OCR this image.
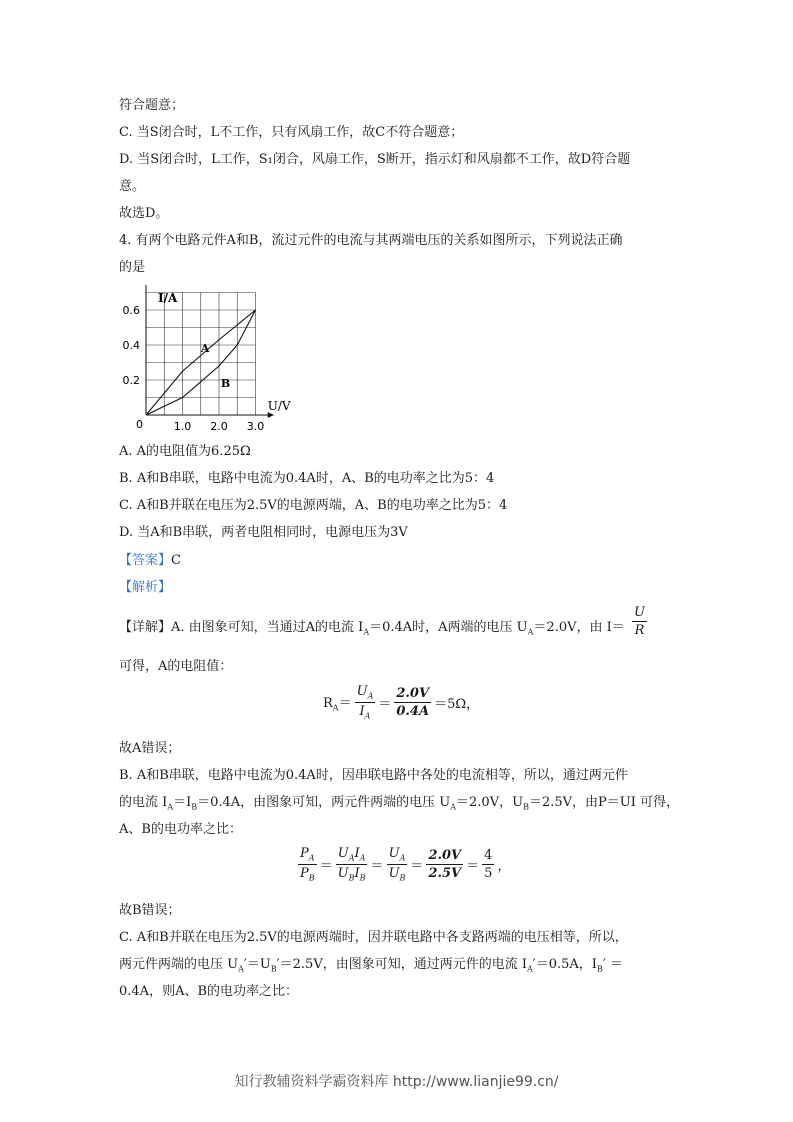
符合题意；
C. 当S闭合时，L不工作，只有风扇工作，故C不符合题意；
D. 当S闭合时，L工作，S₁闭合，风扇工作，S断开，指示灯和风扇都不工作，故D符合题
意。
故选D。
4. 有两个电路元件A和B，流过元件的电流与其两端电压的关系如图所示，下列说法正确
的是
A
B
1.0 2.0 3.0
0.2
0.4
0.6
0
I/A
U/V
A. A的电阻值为6.25Ω
B. A和B串联，电路中电流为0.4A时，A、B的电功率之比为5：4
C. A和B并联在电压为2.5V的电源两端，A、B的电功率之比为5：4
D. 当A和B串联，两者电阻相同时，电源电压为3V
【答案】C
【解析】
【详解】A. 由图象可知，当通过A的电流 $I_A=0.4A$时，A两端的电压 $U_A=2.0V$，由 $I= \frac{U}{R}$
可得，A的电阻值：
$R_A= \frac{U_A}{I_A} = \frac{2.0V}{0.4A} =5\Omega$，
故A错误；
B. A和B串联，电路中电流为0.4A时，因串联电路中各处的电流相等，所以，通过两元件
的电流 $I_A=I_B=0.4A$，由图象可知，两元件两端的电压 $U_A=2.0V$，$U_B=2.5V$，由P＝UI 可得，
A、B的电功率之比：
$\frac{P_A}{P_B} = \frac{U_AI_A}{U_BI_B} = \frac{U_A}{U_B} = \frac{2.0V}{2.5V} = \frac{4}{5}$ ，
故B错误；
C. A和B并联在电压为2.5V的电源两端时，因并联电路中各支路两端的电压相等，所以，
两元件两端的电压 $U_A'=U_B'=2.5V$，由图象可知，通过两元件的电流 $I_A'=0.5A$，$I_B'$ ＝
0.4A，则A、B的电功率之比：
知行教辅资料学霸资料库 http://www.lianjie99.cn/
